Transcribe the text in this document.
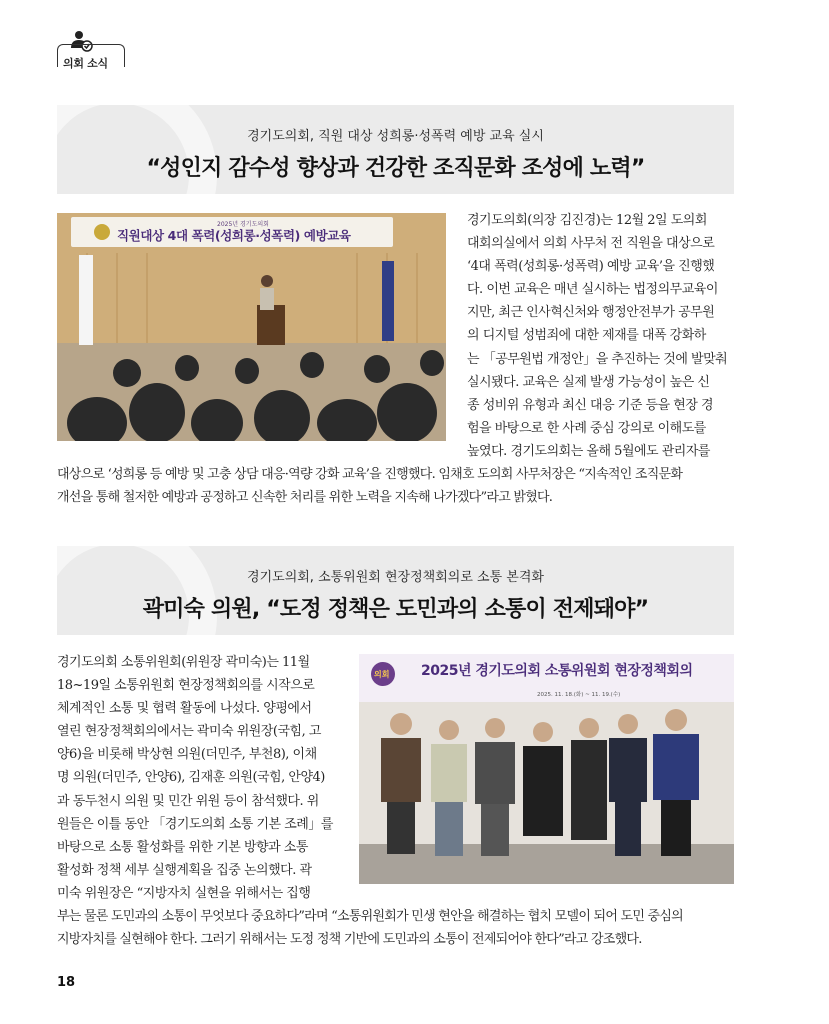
의회 소식
경기도의회, 직원 대상 성희롱·성폭력 예방 교육 실시
“성인지 감수성 향상과 건강한 조직문화 조성에 노력”
2025년 경기도의회
직원대상 4대 폭력(성희롱·성폭력) 예방교육
경기도의회(의장 김진경)는 12월 2일 도의회
대회의실에서 의회 사무처 전 직원을 대상으로
‘4대 폭력(성희롱·성폭력) 예방 교육’을 진행했
다. 이번 교육은 매년 실시하는 법정의무교육이
지만, 최근 인사혁신처와 행정안전부가 공무원
의 디지털 성범죄에 대한 제재를 대폭 강화하
는 「공무원법 개정안」을 추진하는 것에 발맞춰
실시됐다. 교육은 실제 발생 가능성이 높은 신
종 성비위 유형과 최신 대응 기준 등을 현장 경
험을 바탕으로 한 사례 중심 강의로 이해도를
높였다. 경기도의회는 올해 5월에도 관리자를
대상으로 ‘성희롱 등 예방 및 고충 상담 대응·역량 강화 교육’을 진행했다. 임채호 도의회 사무처장은 “지속적인 조직문화
개선을 통해 철저한 예방과 공정하고 신속한 처리를 위한 노력을 지속해 나가겠다”라고 밝혔다.
경기도의회, 소통위원회 현장정책회의로 소통 본격화
곽미숙 의원, “도정 정책은 도민과의 소통이 전제돼야”
경기도의회 소통위원회(위원장 곽미숙)는 11월
18~19일 소통위원회 현장정책회의를 시작으로
체계적인 소통 및 협력 활동에 나섰다. 양평에서
열린 현장정책회의에서는 곽미숙 위원장(국힘, 고
양6)을 비롯해 박상현 의원(더민주, 부천8), 이채
명 의원(더민주, 안양6), 김재훈 의원(국힘, 안양4)
과 동두천시 의원 및 민간 위원 등이 참석했다. 위
원들은 이틀 동안 「경기도의회 소통 기본 조례」를
바탕으로 소통 활성화를 위한 기본 방향과 소통
활성화 정책 세부 실행계획을 집중 논의했다. 곽
미숙 위원장은 “지방자치 실현을 위해서는 집행
의회 2025년 경기도의회 소통위원회 현장정책회의
2025. 11. 18.(화) ~ 11. 19.(수)
부는 물론 도민과의 소통이 무엇보다 중요하다”라며 “소통위원회가 민생 현안을 해결하는 협치 모델이 되어 도민 중심의
지방자치를 실현해야 한다. 그러기 위해서는 도정 정책 기반에 도민과의 소통이 전제되어야 한다”라고 강조했다.
18
